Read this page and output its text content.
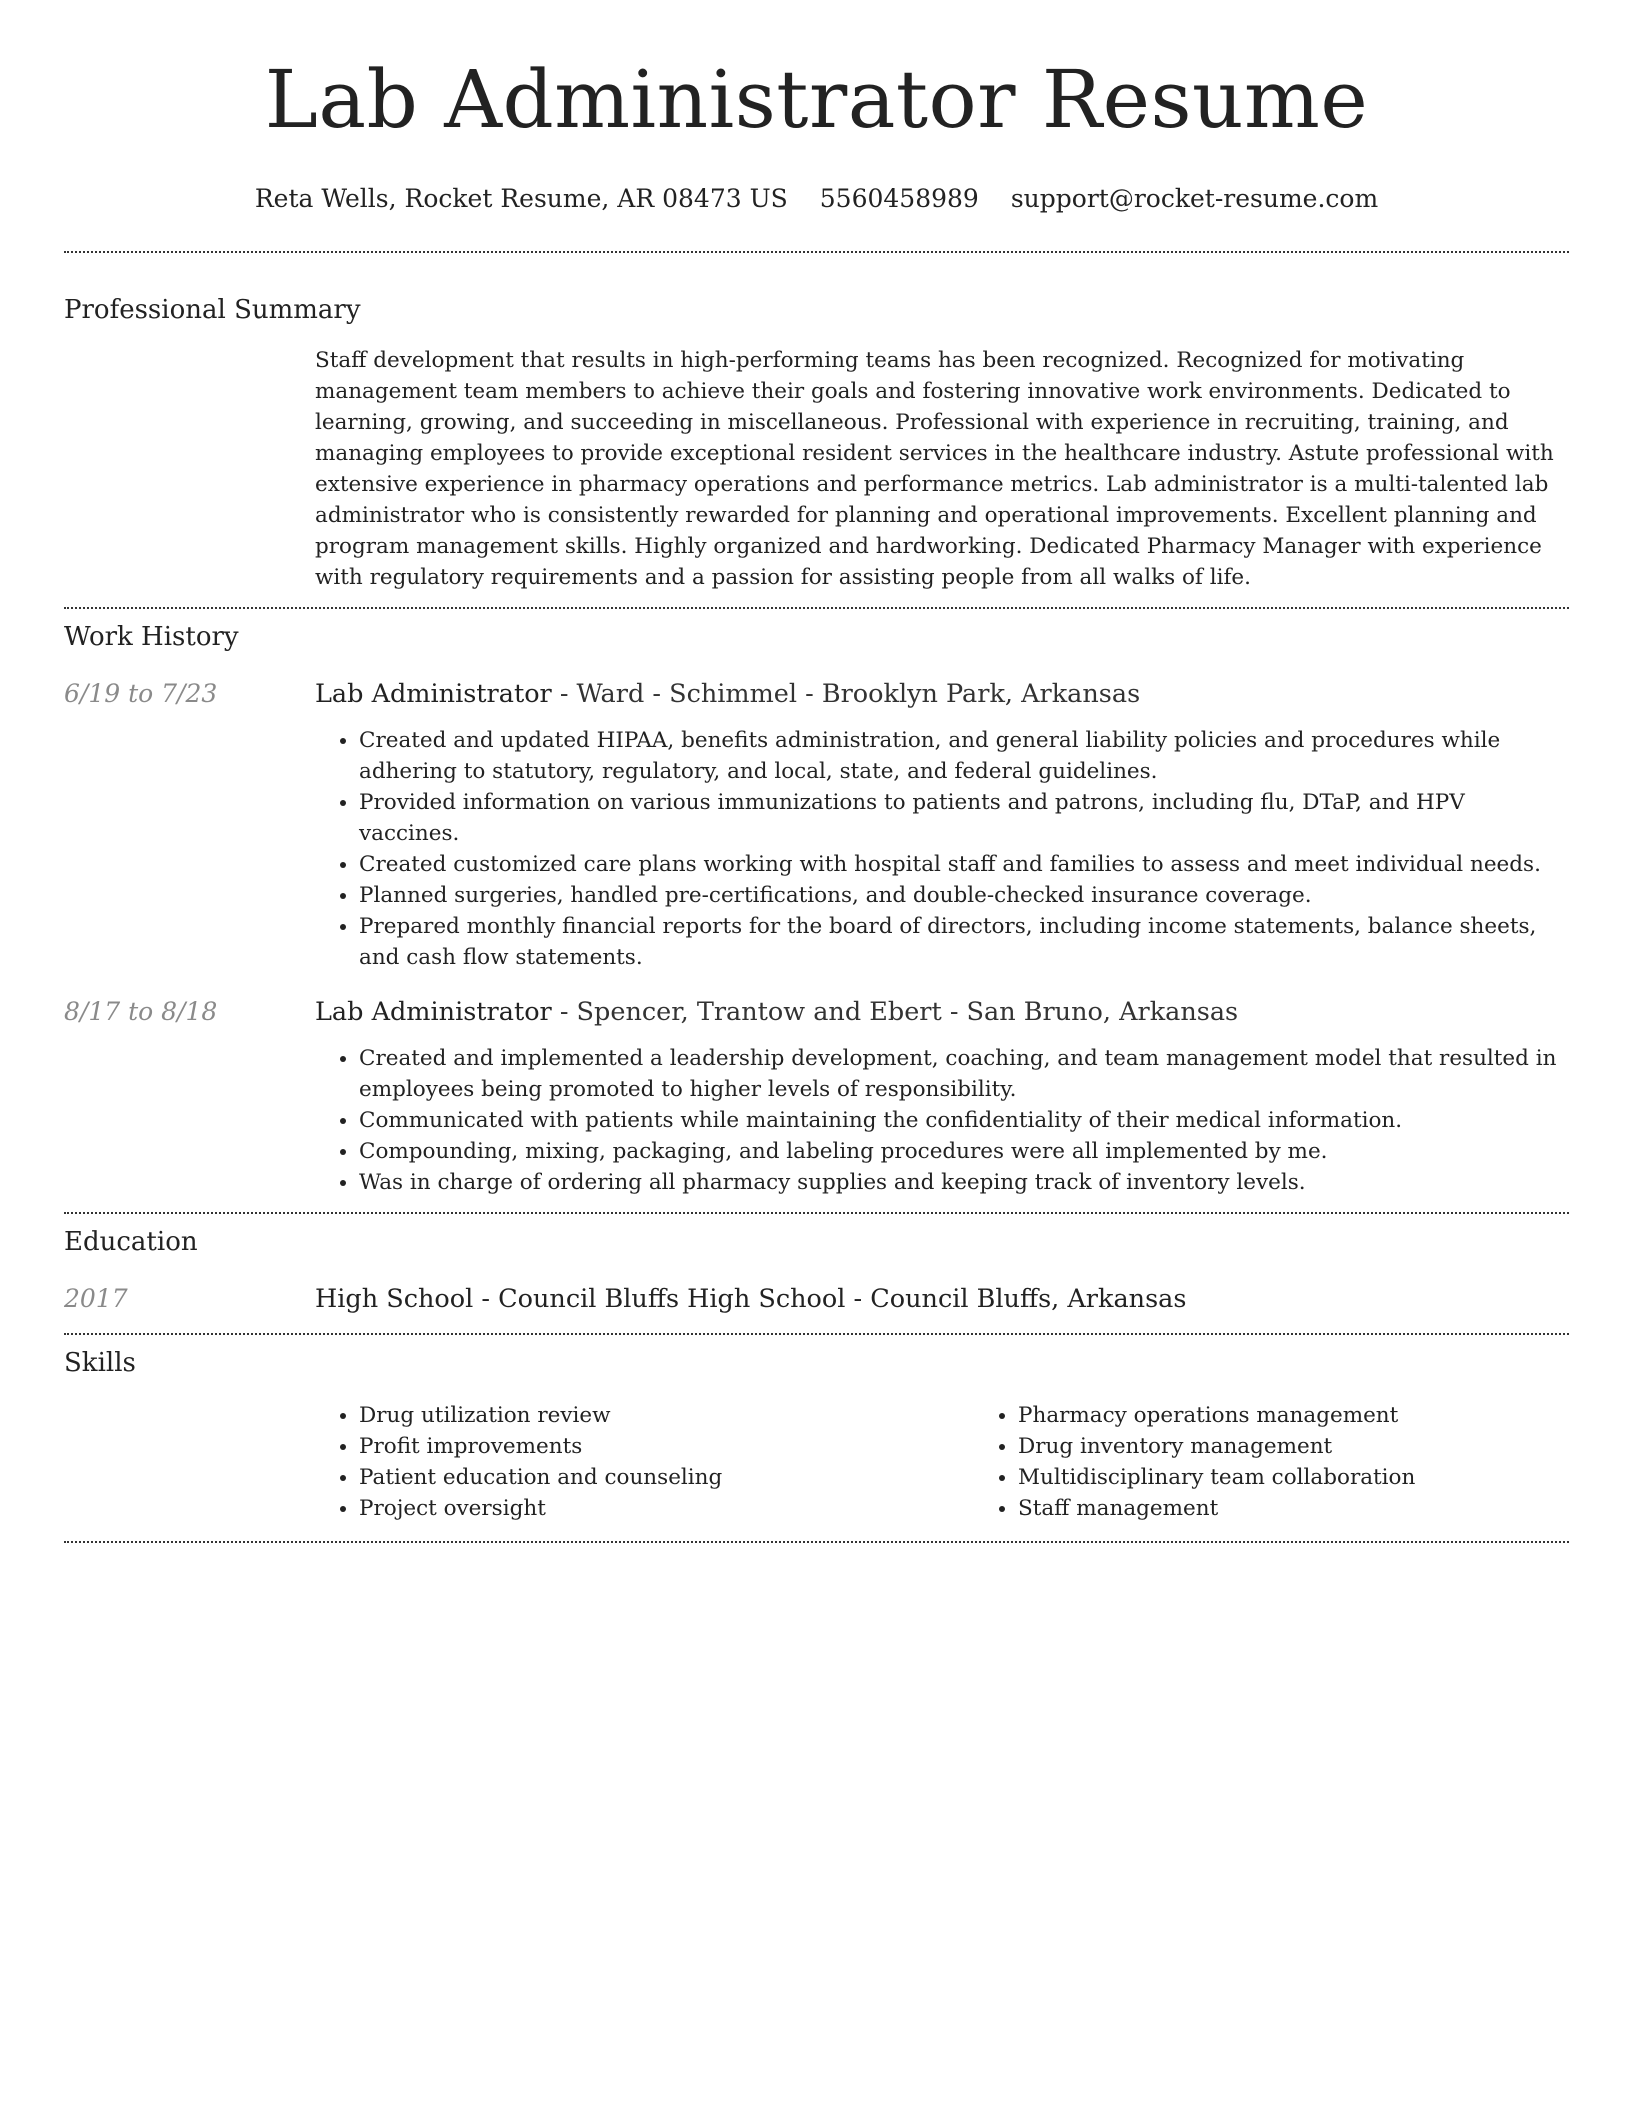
Lab Administrator Resume
Reta Wells, Rocket Resume, AR 08473 US 5560458989 support@rocket-resume.com
Professional Summary

Staff development that results in high-performing teams has been recognized. Recognized for motivating management team members to achieve their goals and fostering innovative work environments. Dedicated to learning, growing, and succeeding in miscellaneous. Professional with experience in recruiting, training, and managing employees to provide exceptional resident services in the healthcare industry. Astute professional with extensive experience in pharmacy operations and performance metrics. Lab administrator is a multi-talented lab administrator who is consistently rewarded for planning and operational improvements. Excellent planning and program management skills. Highly organized and hardworking. Dedicated Pharmacy Manager with experience with regulatory requirements and a passion for assisting people from all walks of life.

Work History
6/19 to 7/23	Lab Administrator - Ward - Schimmel - Brooklyn Park, Arkansas

• Created and updated HIPAA, benefits administration, and general liability policies and procedures while adhering to statutory, regulatory, and local, state, and federal guidelines.
• Provided information on various immunizations to patients and patrons, including flu, DTaP, and HPV vaccines.
• Created customized care plans working with hospital staff and families to assess and meet individual needs.
• Planned surgeries, handled pre-certifications, and double-checked insurance coverage.
• Prepared monthly financial reports for the board of directors, including income statements, balance sheets, and cash flow statements.
8/17 to 8/18	Lab Administrator - Spencer, Trantow and Ebert - San Bruno, Arkansas

• Created and implemented a leadership development, coaching, and team management model that resulted in employees being promoted to higher levels of responsibility.
• Communicated with patients while maintaining the confidentiality of their medical information.
• Compounding, mixing, packaging, and labeling procedures were all implemented by me.
• Was in charge of ordering all pharmacy supplies and keeping track of inventory levels.
Education
2017	High School - Council Bluffs High School - Council Bluffs, Arkansas

Skills
• Drug utilization review
• Profit improvements
• Patient education and counseling
• Project oversight
• Pharmacy operations management
• Drug inventory management
• Multidisciplinary team collaboration
• Staff management
